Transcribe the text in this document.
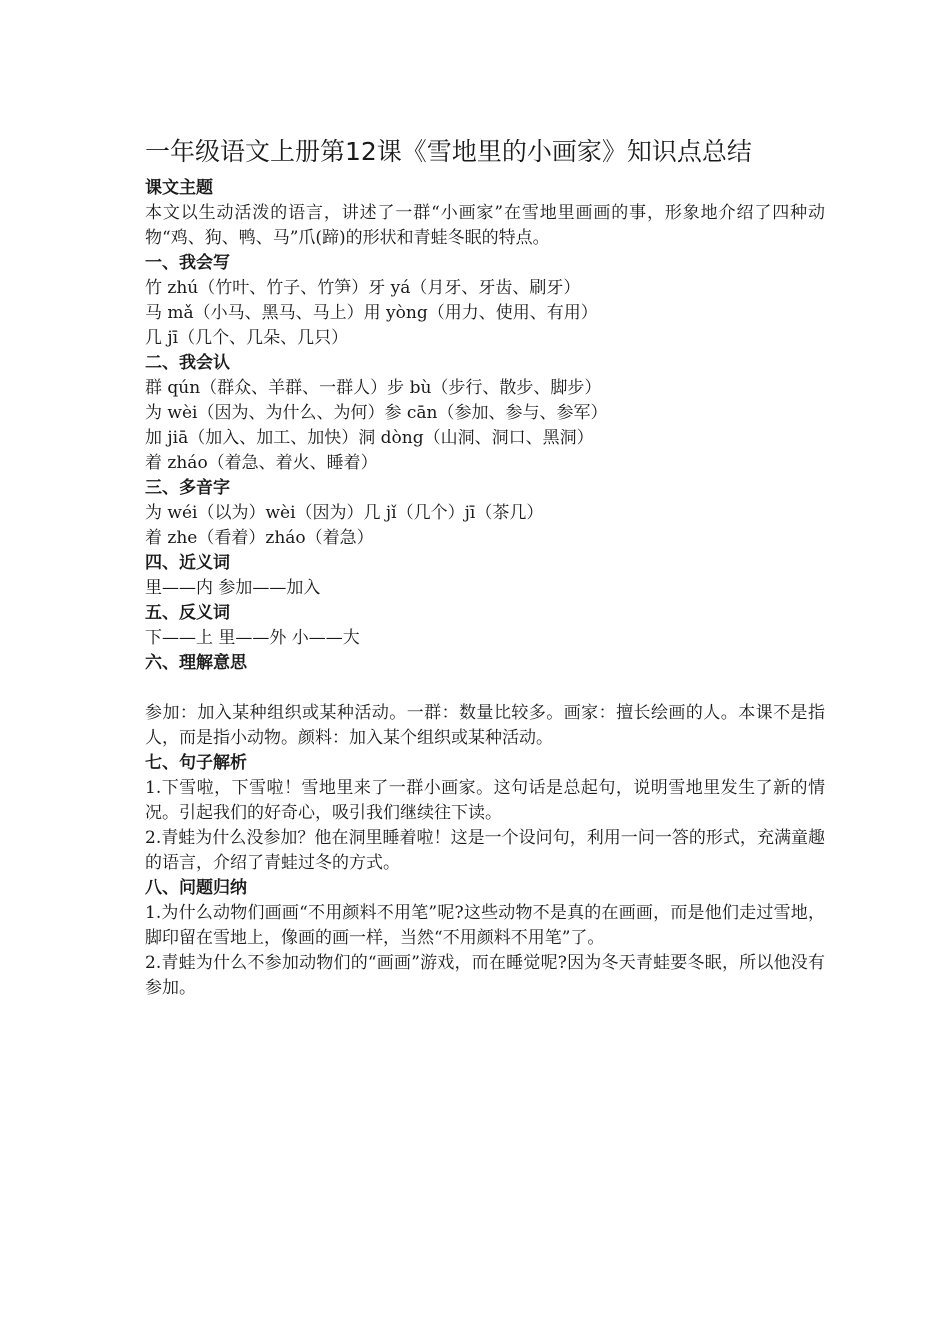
一年级语文上册第12课《雪地里的小画家》知识点总结
课文主题
本文以生动活泼的语言，讲述了一群“小画家”在雪地里画画的事，形象地介绍了四种动物“鸡、狗、鸭、马”爪(蹄)的形状和青蛙冬眠的特点。
一、我会写
竹 zhú（竹叶、竹子、竹笋）牙 yá（月牙、牙齿、刷牙）
马 mǎ（小马、黑马、马上）用 yòng（用力、使用、有用）
几 jī（几个、几朵、几只）
二、我会认
群 qún（群众、羊群、一群人）步 bù（步行、散步、脚步）
为 wèi（因为、为什么、为何）参 cān（参加、参与、参军）
加 jiā（加入、加工、加快）洞 dòng（山洞、洞口、黑洞）
着 zháo（着急、着火、睡着）
三、多音字
为 wéi（以为）wèi（因为）几 jǐ（几个）jī（茶几）
着 zhe（看着）zháo（着急）
四、近义词
里——内 参加——加入
五、反义词
下——上 里——外 小——大
六、理解意思
参加：加入某种组织或某种活动。一群：数量比较多。画家：擅长绘画的人。本课不是指人，而是指小动物。颜料：加入某个组织或某种活动。
七、句子解析
1.下雪啦，下雪啦！雪地里来了一群小画家。这句话是总起句，说明雪地里发生了新的情况。引起我们的好奇心，吸引我们继续往下读。
2.青蛙为什么没参加？他在洞里睡着啦！这是一个设问句，利用一问一答的形式，充满童趣的语言，介绍了青蛙过冬的方式。
八、问题归纳
1.为什么动物们画画“不用颜料不用笔”呢?这些动物不是真的在画画，而是他们走过雪地，脚印留在雪地上，像画的画一样，当然“不用颜料不用笔”了。
2.青蛙为什么不参加动物们的“画画”游戏，而在睡觉呢?因为冬天青蛙要冬眠，所以他没有参加。
